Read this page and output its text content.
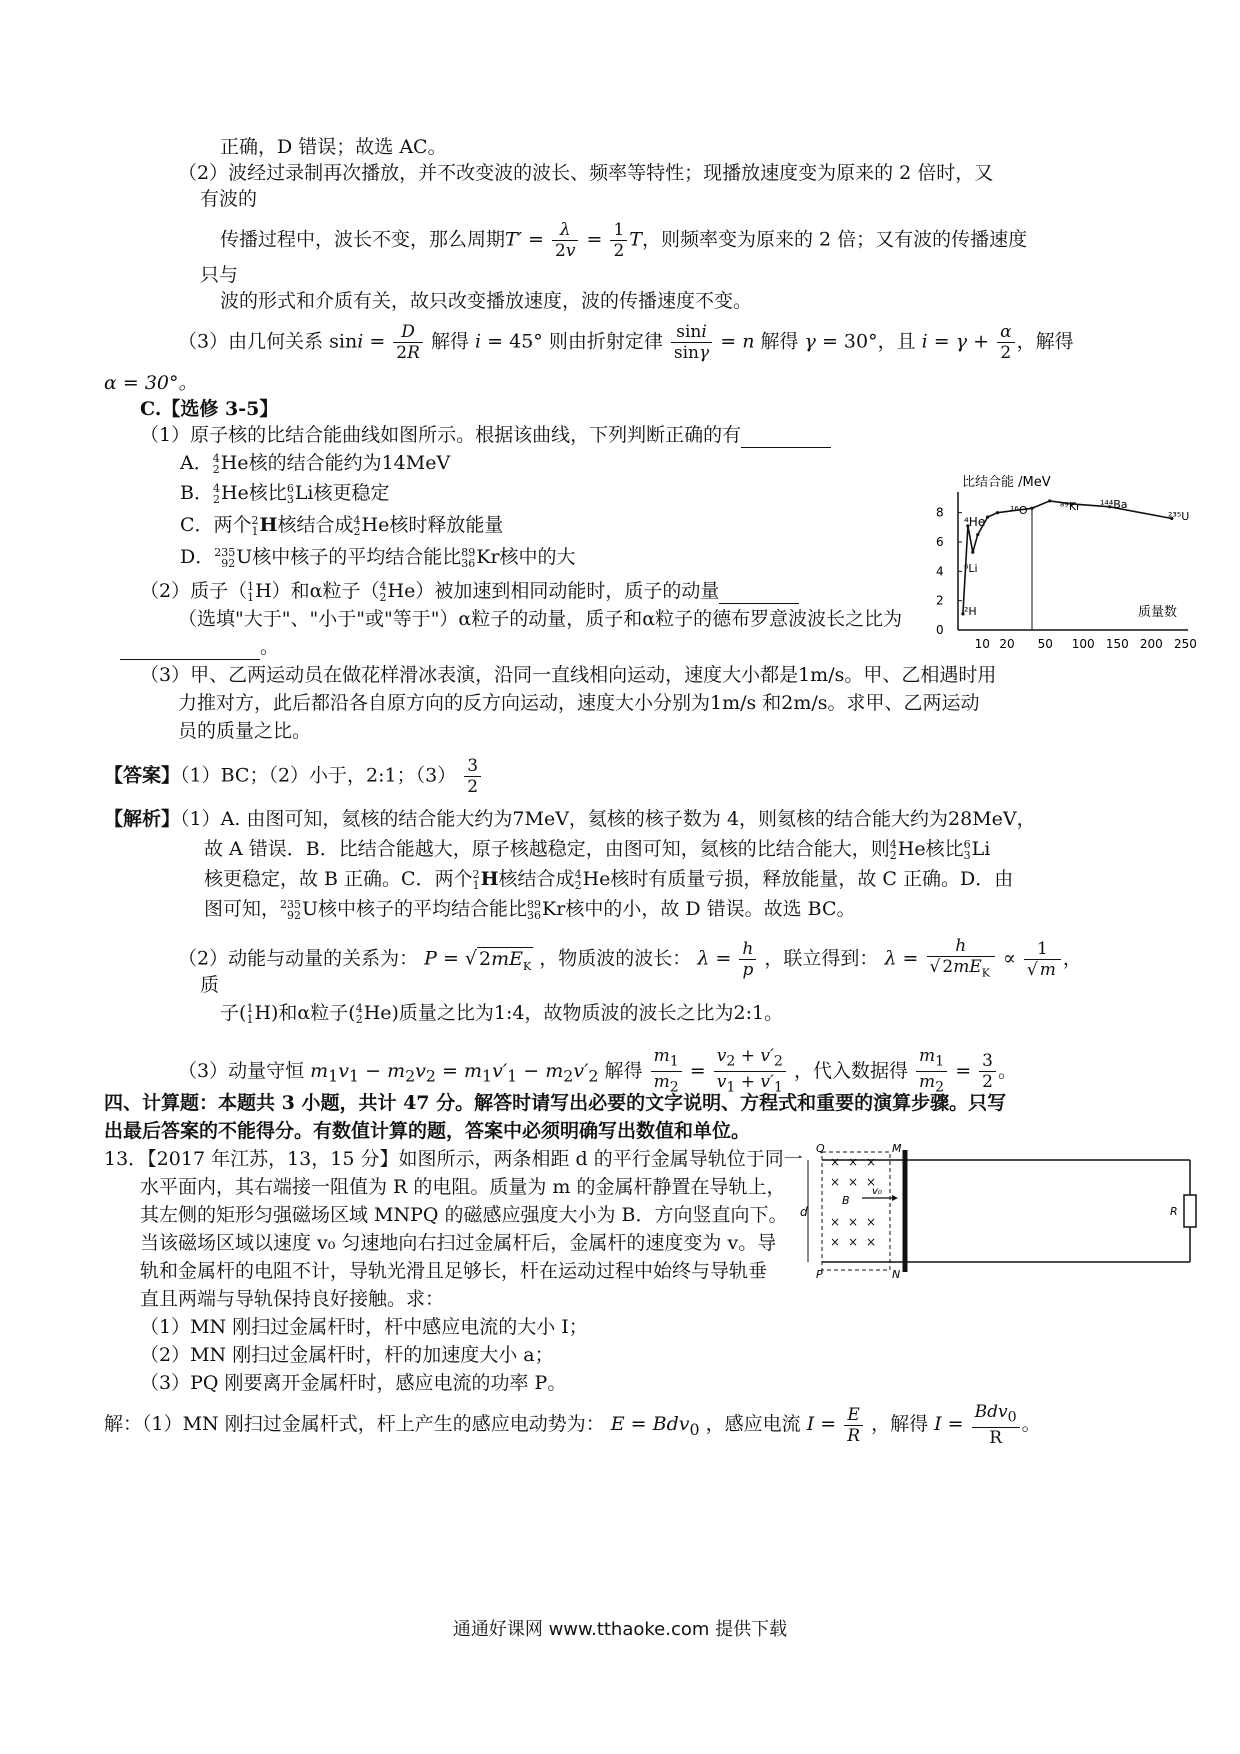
正确，D 错误；故选 AC。
（2）波经过录制再次播放，并不改变波的波长、频率等特性；现播放速度变为原来的 2 倍时，又
有波的
传播过程中，波长不变，那么周期$T' = \frac{\lambda}{2v} = \frac{1}{2}$ T，则频率变为原来的 2 倍；又有波的传播速度
只与
波的形式和介质有关，故只改变播放速度，波的传播速度不变。
（3）由几何关系 $\sin i = \frac{D}{2R}$ 解得 i = 45° 则由折射定律 $\frac{\sin i}{\sin\gamma} = n$ 解得 γ = 30°，且 $i = \gamma + \frac{\alpha}{2}$ ，解得
α = 30°。
C.【选修 3-5】
（1）原子核的比结合能曲线如图所示。根据该曲线，下列判断正确的有
A． 4
2 He核的结合能约为14MeV
B． 4
2 He核比 6
3 Li核更稳定
C．两个 2
1 H核结合成 4
2 He核时释放能量
D． 235
92 U核中核子的平均结合能比 89
36 Kr核中的大
比结合能 /MeV
0
2
4
6
8
10 20 50 100 150 200 250
质量数
⁴He
⁶Li
²H
¹⁶O	⁸⁹Kr ¹⁴⁴Ba
²³⁵U
（2）质子（ 1
1 H）和α粒子（ 4
2 He）被加速到相同动能时，质子的动量
（选填"大于"、"小于"或"等于"）α粒子的动量，质子和α粒子的德布罗意波波长之比为
。
（3）甲、乙两运动员在做花样滑冰表演，沿同一直线相向运动，速度大小都是1m/s。甲、乙相遇时用
力推对方，此后都沿各自原方向的反方向运动，速度大小分别为1m/s 和2m/s。求甲、乙两运动
员的质量之比。
【答案】（1）BC；（2）小于，2:1；$(3) \frac{3}{2}$
【解析】（1）A. 由图可知，氦核的结合能大约为7MeV，氦核的核子数为 4，则氦核的结合能大约为28MeV，
故 A 错误．B．比结合能越大，原子核越稳定，由图可知，氦核的比结合能大，则 4
2 He核比 6
3 Li
核更稳定，故 B 正确。C．两个 2
1 H核结合成 4
2 He核时有质量亏损，释放能量，故 C 正确。D．由
图可知， 235
92 U核中核子的平均结合能比 89
36 Kr核中的小，故 D 错误。故选 BC。
（2）动能与动量的关系为： P = √ $2mE_K$ ，物质波的波长： $\lambda = \frac{h}{p}$ ，联立得到： $\lambda = \frac{h}{√ 2mE_K} \propto \frac{1}{√ m}$ ，
质
子( 1
1 H)和α粒子( 4
2 He)质量之比为1:4，故物质波的波长之比为2:1。
（3）动量守恒 $m_1v_1 - m_2v_2 = m_1v'_1 - m_2v'_2$ 解得 $\frac{m_1}{m_2} = \frac{v_2 + v'_2}{v_1 + v'_1}$ ，代入数据得 $\frac{m_1}{m_2} = \frac{3}{2}$ 。
四、计算题：本题共 3 小题，共计 47 分。解答时请写出必要的文字说明、方程式和重要的演算步骤。只写
出最后答案的不能得分。有数值计算的题，答案中必须明确写出数值和单位。
13．【2017 年江苏，13，15 分】如图所示，两条相距 d 的平行金属导轨位于同一
水平面内，其右端接一阻值为 R 的电阻。质量为 m 的金属杆静置在导轨上，
其左侧的矩形匀强磁场区域 MNPQ 的磁感应强度大小为 B．方向竖直向下。
当该磁场区域以速度 v₀ 匀速地向右扫过金属杆后，金属杆的速度变为 v。导
轨和金属杆的电阻不计，导轨光滑且足够长，杆在运动过程中始终与导轨垂
直且两端与导轨保持良好接触。求：
（1）MN 刚扫过金属杆时，杆中感应电流的大小 I；
（2）MN 刚扫过金属杆时，杆的加速度大小 a；
（3）PQ 刚要离开金属杆时，感应电流的功率 P。
×
×
×
×
×
×
×
×
×
×
×
×
Q	M
P	N
d
B
v₀
R
解：（1）MN 刚扫过金属杆式，杆上产生的感应电动势为： E = Bdv$_0$ ，感应电流 $I = \frac{E}{R}$ ，解得 $I = \frac{Bdv_0}{R}$ 。
通通好课网 www.tthaoke.com 提供下载
